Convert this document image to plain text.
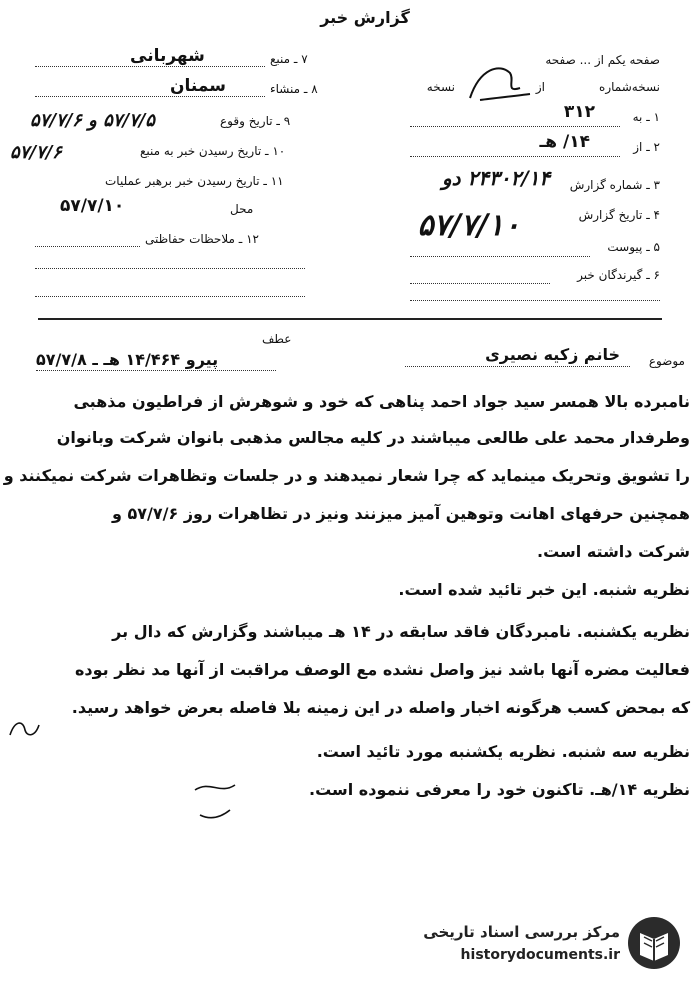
گزارش خبر
صفحه یکم از ... صفحه
نسخه‌شماره
از
نسخه
۱ ـ به
۳۱۲
۲ ـ از
۱۴/ هـ
۳ ـ شماره گزارش
۲۴۳۰۲/۱۴ دو
۴ ـ تاریخ گزارش
۵۷/۷/۱۰
۵ ـ پیوست
۶ ـ گیرندگان خبر
۷ ـ منبع
شهربانی
۸ ـ منشاء
سمنان
۹ ـ تاریخ وقوع
۵۷/۷/۵ و ۵۷/۷/۶
۱۰ ـ تاریخ رسیدن خبر به منبع
۵۷/۷/۶
۱۱ ـ تاریخ رسیدن خبر برهبر عملیات
محل
۵۷/۷/۱۰
۱۲ ـ ملاحظات حفاظتی
عطف
پیرو ۱۴/۴۶۴ هـ ـ ۵۷/۷/۸	موضوع
خانم زکیه نصیری
نامبرده بالا همسر سید جواد احمد پناهی که خود و شوهرش از فراطیون مذهبی
وطرفدار محمد علی طالعی میباشند در کلیه مجالس مذهبی بانوان شرکت وبانوان
را تشویق وتحریک مینماید که چرا شعار نمیدهند و در جلسات وتظاهرات شرکت نمیکنند و
همچنین حرفهای اهانت وتوهین آمیز میزنند ونیز در تظاهرات روز ۵۷/۷/۶ و
شرکت داشته است.
نظریه شنبه. این خبر تائید شده است.
نظریه یکشنبه. نامبردگان فاقد سابقه در ۱۴ هـ میباشند وگزارش که دال بر
فعالیت مضره آنها باشد نیز واصل نشده مع الوصف مراقبت از آنها مد نظر بوده
که بمحض کسب هرگونه اخبار واصله در این زمینه بلا فاصله بعرض خواهد رسید.
نظریه سه شنبه. نظریه یکشنبه مورد تائید است.
نظریه ۱۴/هـ. تاکنون خود را معرفی ننموده است.
مرکز بررسی اسناد تاریخی
historydocuments.ir
